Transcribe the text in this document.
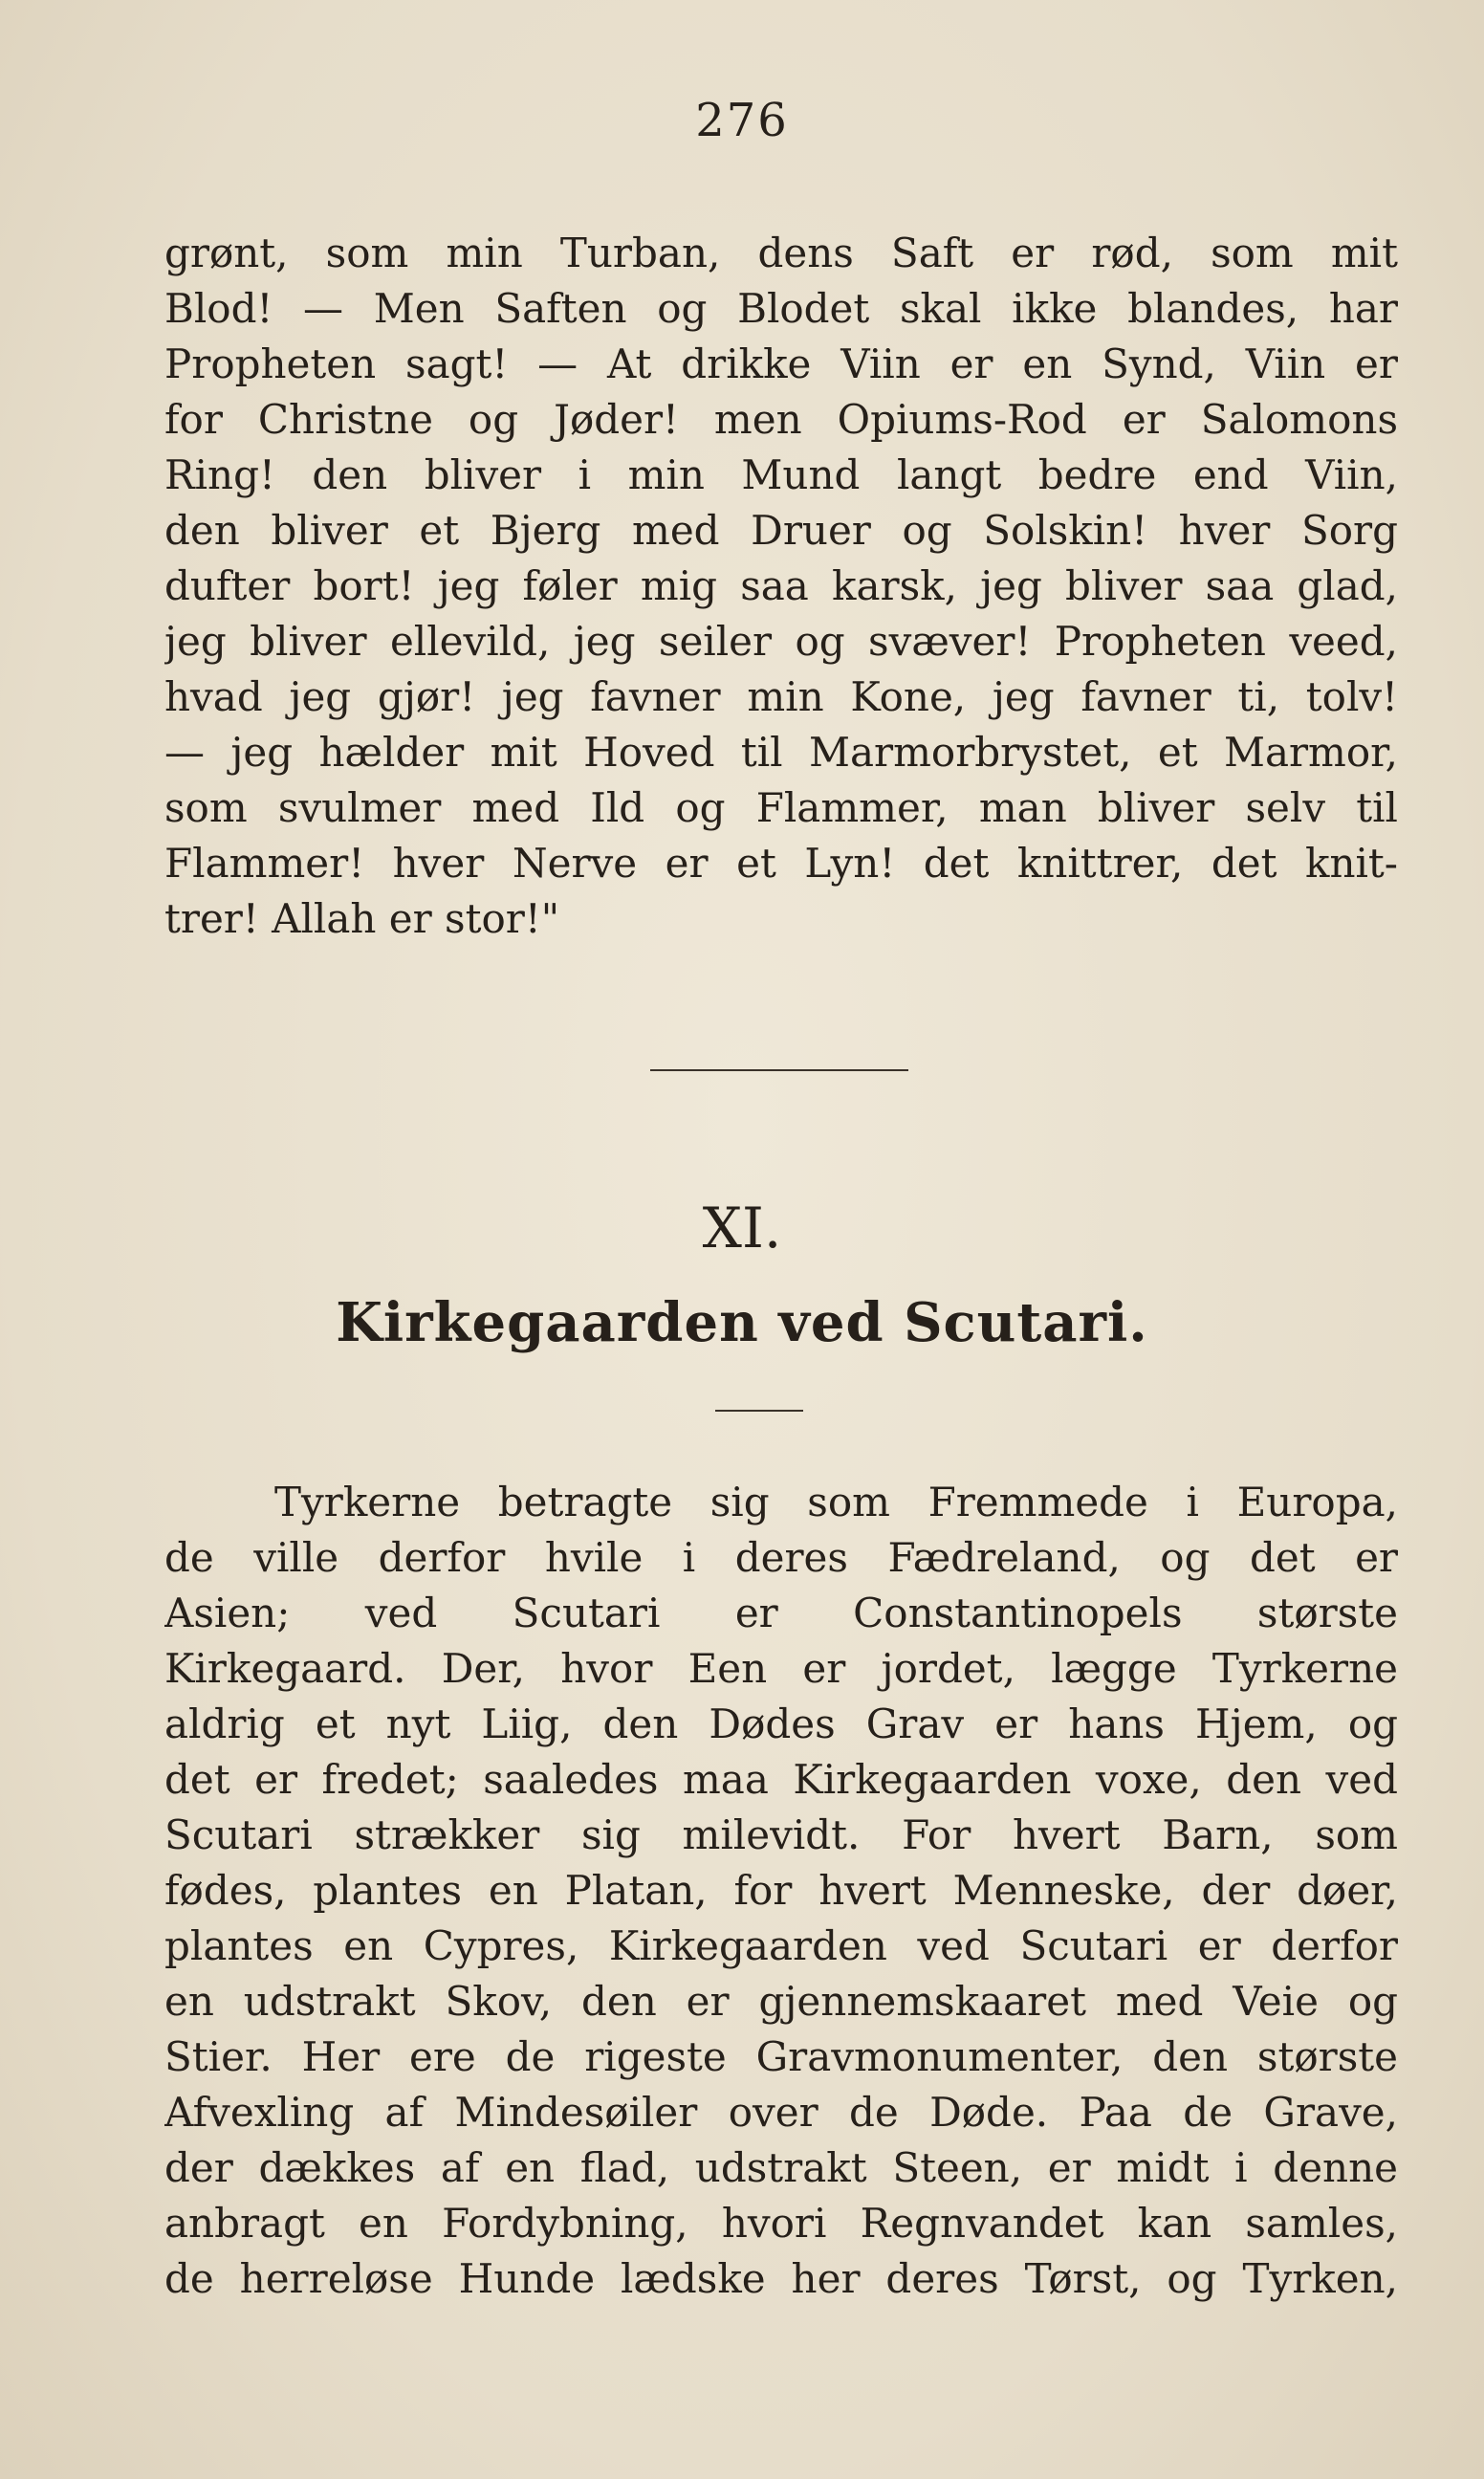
276
grønt, som min Turban, dens Saft er rød, som mit
Blod! — Men Saften og Blodet skal ikke blandes, har
Propheten sagt! — At drikke Viin er en Synd, Viin er
for Christne og Jøder! men Opiums-Rod er Salomons
Ring! den bliver i min Mund langt bedre end Viin,
den bliver et Bjerg med Druer og Solskin! hver Sorg
dufter bort! jeg føler mig saa karsk, jeg bliver saa glad,
jeg bliver ellevild, jeg seiler og svæver! Propheten veed,
hvad jeg gjør! jeg favner min Kone, jeg favner ti, tolv!
— jeg hælder mit Hoved til Marmorbrystet, et Marmor,
som svulmer med Ild og Flammer, man bliver selv til
Flammer! hver Nerve er et Lyn! det knittrer, det knit-
trer! Allah er stor!"
XI.
Kirkegaarden ved Scutari.
Tyrkerne betragte sig som Fremmede i Europa,
de ville derfor hvile i deres Fædreland, og det er
Asien; ved Scutari er Constantinopels største
Kirkegaard. Der, hvor Een er jordet, lægge Tyrkerne
aldrig et nyt Liig, den Dødes Grav er hans Hjem, og
det er fredet; saaledes maa Kirkegaarden voxe, den ved
Scutari strækker sig milevidt. For hvert Barn, som
fødes, plantes en Platan, for hvert Menneske, der døer,
plantes en Cypres, Kirkegaarden ved Scutari er derfor
en udstrakt Skov, den er gjennemskaaret med Veie og
Stier. Her ere de rigeste Gravmonumenter, den største
Afvexling af Mindesøiler over de Døde. Paa de Grave,
der dækkes af en flad, udstrakt Steen, er midt i denne
anbragt en Fordybning, hvori Regnvandet kan samles,
de herreløse Hunde lædske her deres Tørst, og Tyrken,
